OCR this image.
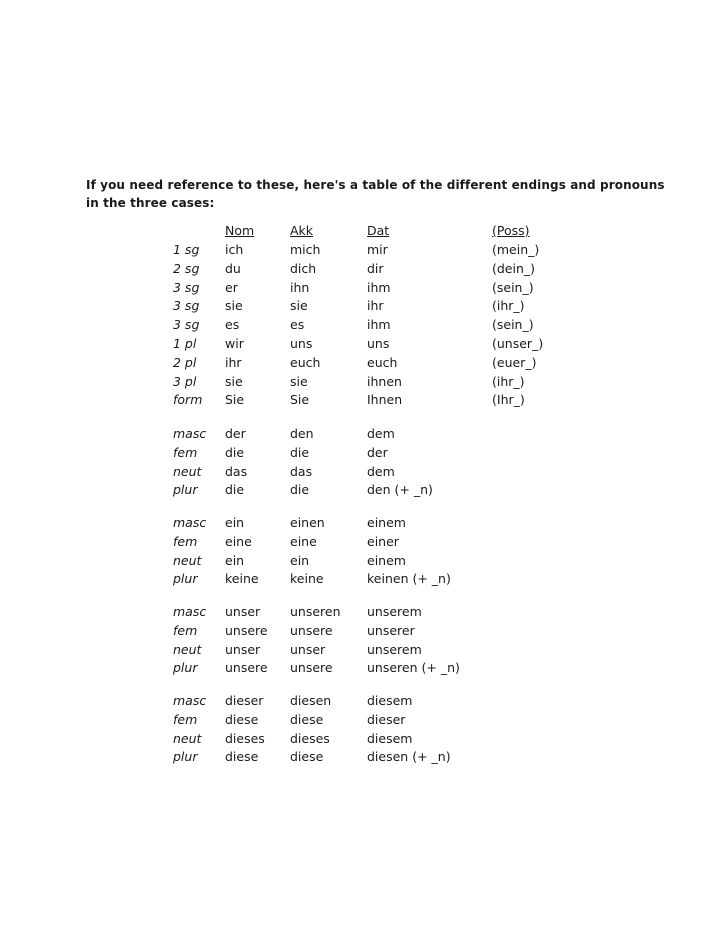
If you need reference to these, here's a table of the different endings and pronouns in the three cases:

Nom	Akk	Dat	(Poss)
1 sg ich	mich	mir	(mein_)
2 sg du	dich	dir	(dein_)
3 sg er	ihn	ihm	(sein_)
3 sg sie	sie	ihr	(ihr_)
3 sg es	es	ihm	(sein_)
1 pl wir	uns	uns	(unser_)
2 pl ihr	euch	euch	(euer_)
3 pl sie	sie	ihnen	(ihr_)
form Sie	Sie	Ihnen	(Ihr_)
masc der	den	dem
fem die	die	der
neut das	das	dem
plur die	die	den (+ _n)
masc ein	einen	einem
fem eine	eine	einer
neut ein	ein	einem
plur keine	keine	keinen (+ _n)
masc unser unseren unserem
fem unsere unsere	unserer
neut unser unser	unserem
plur unsere unsere	unseren (+ _n)
masc dieser diesen	diesem
fem diese	diese	dieser
neut dieses dieses	diesem
plur diese	diese	diesen (+ _n)
